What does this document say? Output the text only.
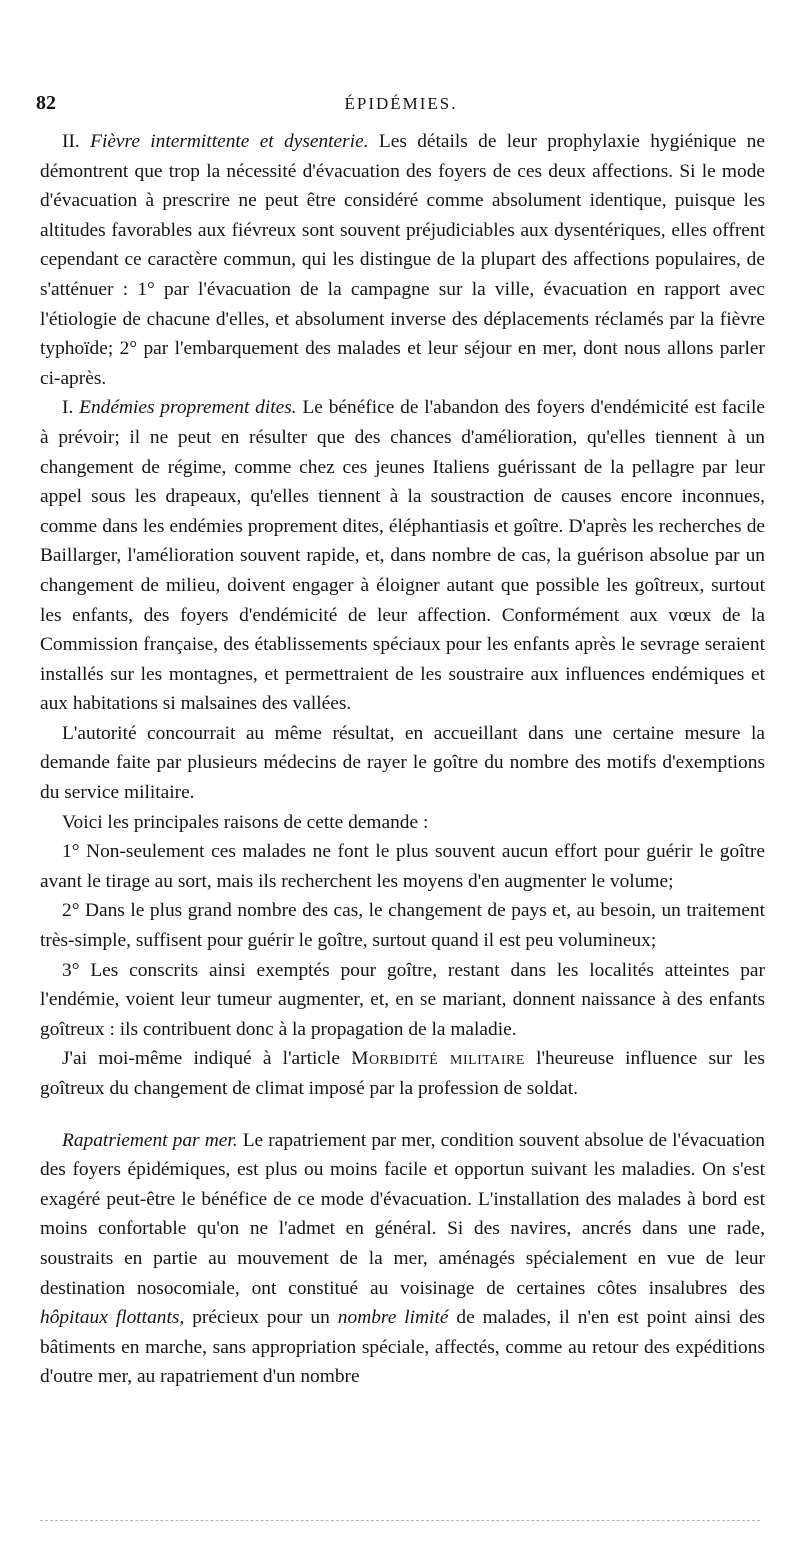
82	ÉPIDÉMIES.

II. Fièvre intermittente et dysenterie. Les détails de leur prophylaxie hygiénique ne démontrent que trop la nécessité d'évacuation des foyers de ces deux affections. Si le mode d'évacuation à prescrire ne peut être considéré comme absolument identique, puisque les altitudes favorables aux fiévreux sont souvent préjudiciables aux dysentériques, elles offrent cependant ce caractère commun, qui les distingue de la plupart des affections populaires, de s'atténuer : 1° par l'évacuation de la campagne sur la ville, évacuation en rapport avec l'étiologie de chacune d'elles, et absolument inverse des déplacements réclamés par la fièvre typhoïde; 2° par l'embarquement des malades et leur séjour en mer, dont nous allons parler ci-après.

I. Endémies proprement dites. Le bénéfice de l'abandon des foyers d'endémicité est facile à prévoir; il ne peut en résulter que des chances d'amélioration, qu'elles tiennent à un changement de régime, comme chez ces jeunes Italiens guérissant de la pellagre par leur appel sous les drapeaux, qu'elles tiennent à la soustraction de causes encore inconnues, comme dans les endémies proprement dites, éléphantiasis et goître. D'après les recherches de Baillarger, l'amélioration souvent rapide, et, dans nombre de cas, la guérison absolue par un changement de milieu, doivent engager à éloigner autant que possible les goîtreux, surtout les enfants, des foyers d'endémicité de leur affection. Conformément aux vœux de la Commission française, des établissements spéciaux pour les enfants après le sevrage seraient installés sur les montagnes, et permettraient de les soustraire aux influences endémiques et aux habitations si malsaines des vallées.

L'autorité concourrait au même résultat, en accueillant dans une certaine mesure la demande faite par plusieurs médecins de rayer le goître du nombre des motifs d'exemptions du service militaire.

Voici les principales raisons de cette demande :

1° Non-seulement ces malades ne font le plus souvent aucun effort pour guérir le goître avant le tirage au sort, mais ils recherchent les moyens d'en augmenter le volume;

2° Dans le plus grand nombre des cas, le changement de pays et, au besoin, un traitement très-simple, suffisent pour guérir le goître, surtout quand il est peu volumineux;

3° Les conscrits ainsi exemptés pour goître, restant dans les localités atteintes par l'endémie, voient leur tumeur augmenter, et, en se mariant, donnent naissance à des enfants goîtreux : ils contribuent donc à la propagation de la maladie.

J'ai moi-même indiqué à l'article Morbidité militaire l'heureuse influence sur les goîtreux du changement de climat imposé par la profession de soldat.

Rapatriement par mer. Le rapatriement par mer, condition souvent absolue de l'évacuation des foyers épidémiques, est plus ou moins facile et opportun suivant les maladies. On s'est exagéré peut-être le bénéfice de ce mode d'évacuation. L'installation des malades à bord est moins confortable qu'on ne l'admet en général. Si des navires, ancrés dans une rade, soustraits en partie au mouvement de la mer, aménagés spécialement en vue de leur destination nosocomiale, ont constitué au voisinage de certaines côtes insalubres des hôpitaux flottants, précieux pour un nombre limité de malades, il n'en est point ainsi des bâtiments en marche, sans appropriation spéciale, affectés, comme au retour des expéditions d'outre mer, au rapatriement d'un nombre
